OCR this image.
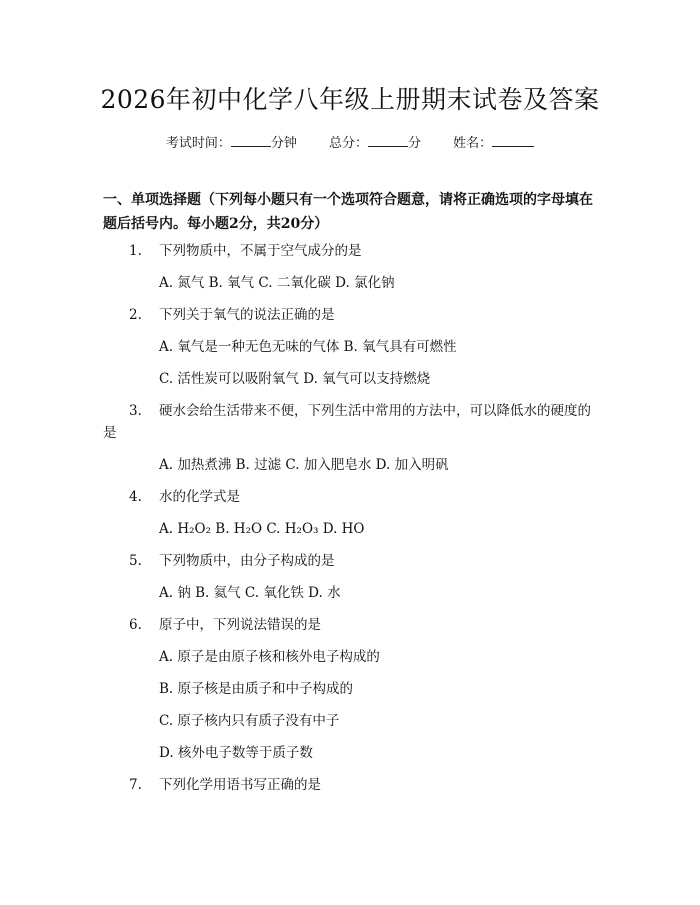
2026年初中化学八年级上册期末试卷及答案
考试时间：	分钟 总分：	分 姓名：
一、单项选择题（下列每小题只有一个选项符合题意，请将正确选项的字母填在
题后括号内。每小题2分，共20分）
1.	下列物质中，不属于空气成分的是
A. 氮气 B. 氧气 C. 二氧化碳 D. 氯化钠
2.	下列关于氧气的说法正确的是
A. 氧气是一种无色无味的气体 B. 氧气具有可燃性
C. 活性炭可以吸附氧气 D. 氧气可以支持燃烧
3.	硬水会给生活带来不便，下列生活中常用的方法中，可以降低水的硬度的
是
A. 加热煮沸 B. 过滤 C. 加入肥皂水 D. 加入明矾
4.	水的化学式是
A. H₂O₂ B. H₂O C. H₂O₃ D. HO
5.	下列物质中，由分子构成的是
A. 钠 B. 氦气 C. 氧化铁 D. 水
6.	原子中，下列说法错误的是
A. 原子是由原子核和核外电子构成的
B. 原子核是由质子和中子构成的
C. 原子核内只有质子没有中子
D. 核外电子数等于质子数
7.	下列化学用语书写正确的是
